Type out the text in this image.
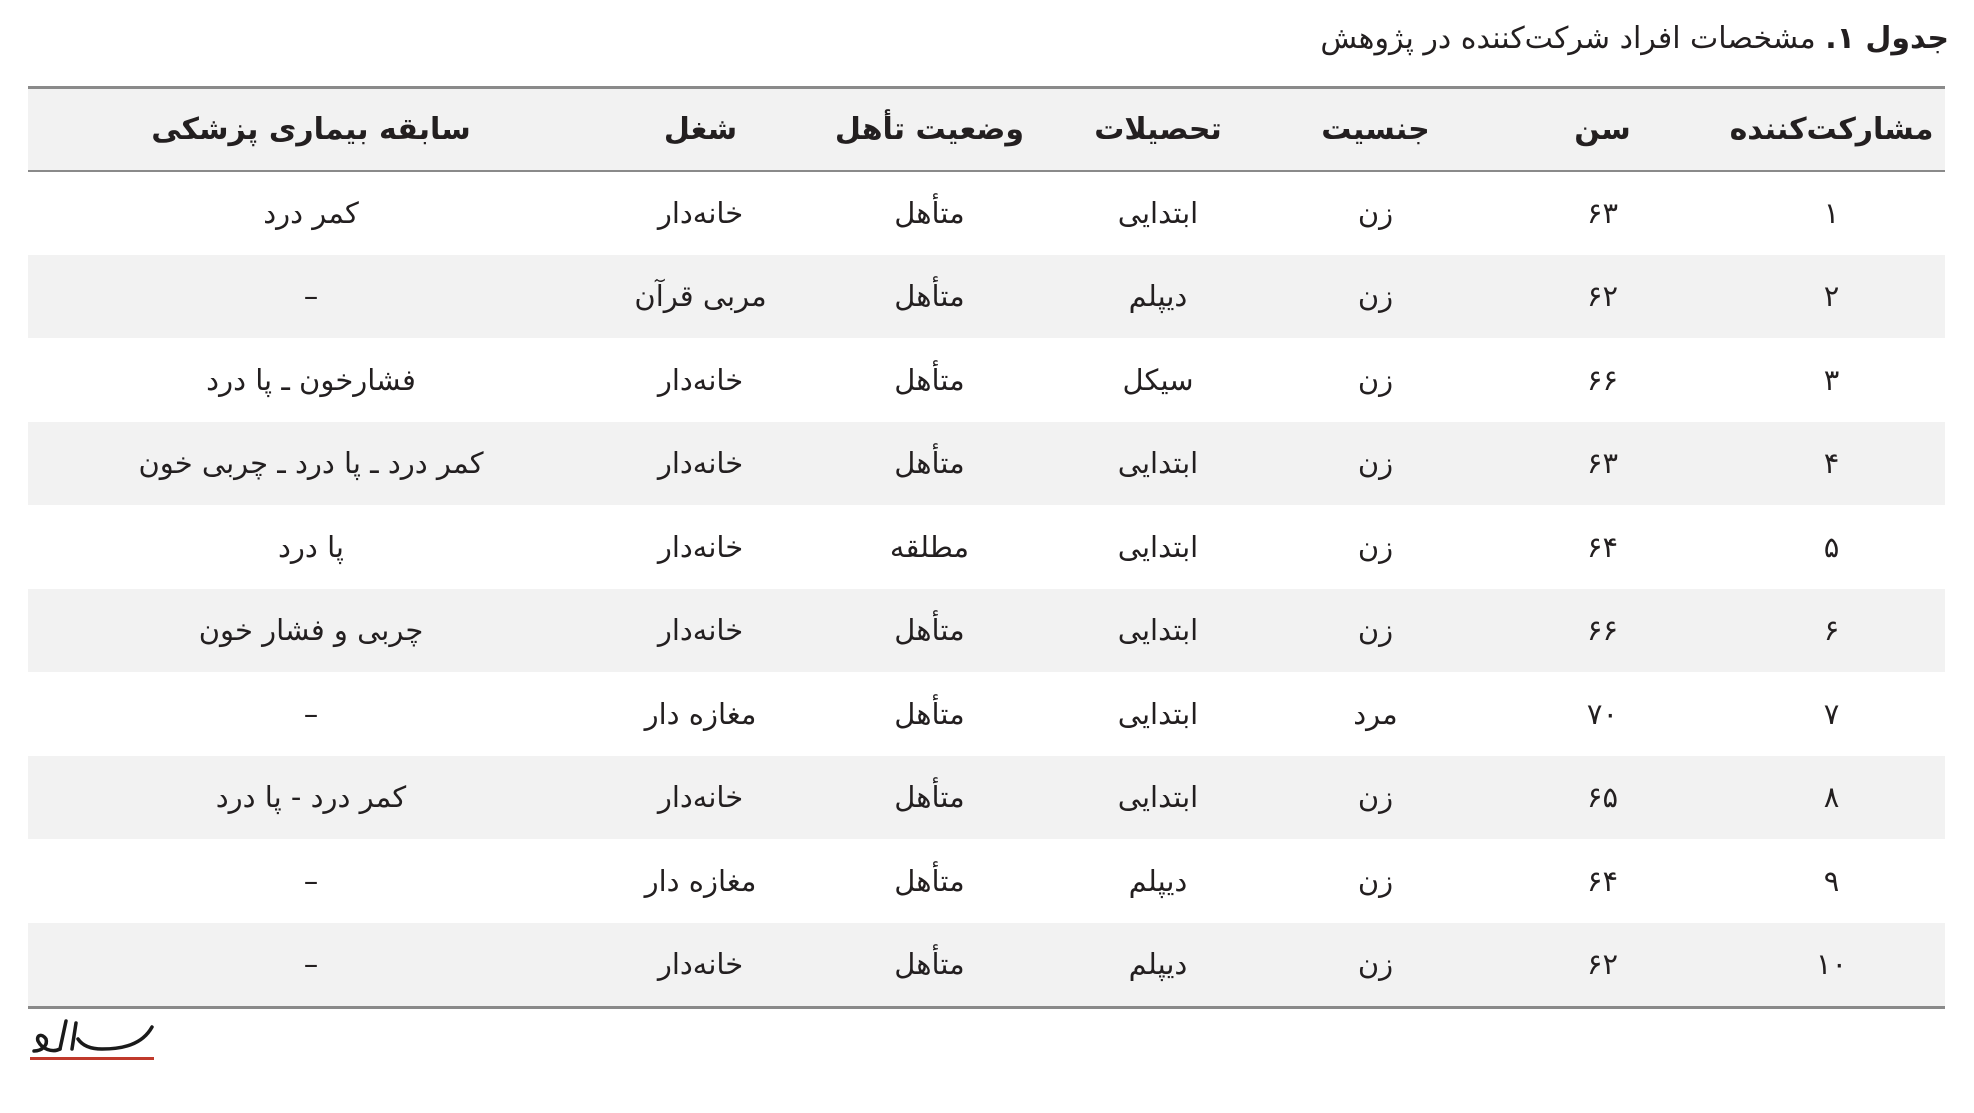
جدول ۱. مشخصات افراد شرکت‌کننده در پژوهش
مشارکت‌کننده	سن	جنسیت	تحصیلات	وضعیت تأهل	شغل	سابقه بیماری پزشکی
۱	۶۳	زن	ابتدایی	متأهل	خانه‌دار	کمر درد
۲	۶۲	زن	دیپلم	متأهل	مربی قرآن	–
۳	۶۶	زن	سیکل	متأهل	خانه‌دار	فشارخون ـ پا درد
۴	۶۳	زن	ابتدایی	متأهل	خانه‌دار	کمر درد ـ پا درد ـ چربی خون
۵	۶۴	زن	ابتدایی	مطلقه	خانه‌دار	پا درد
۶	۶۶	زن	ابتدایی	متأهل	خانه‌دار	چربی و فشار خون
۷	۷۰	مرد	ابتدایی	متأهل	مغازه دار	–
۸	۶۵	زن	ابتدایی	متأهل	خانه‌دار	کمر درد - پا درد
۹	۶۴	زن	دیپلم	متأهل	مغازه دار	–
۱۰	۶۲	زن	دیپلم	متأهل	خانه‌دار	–
